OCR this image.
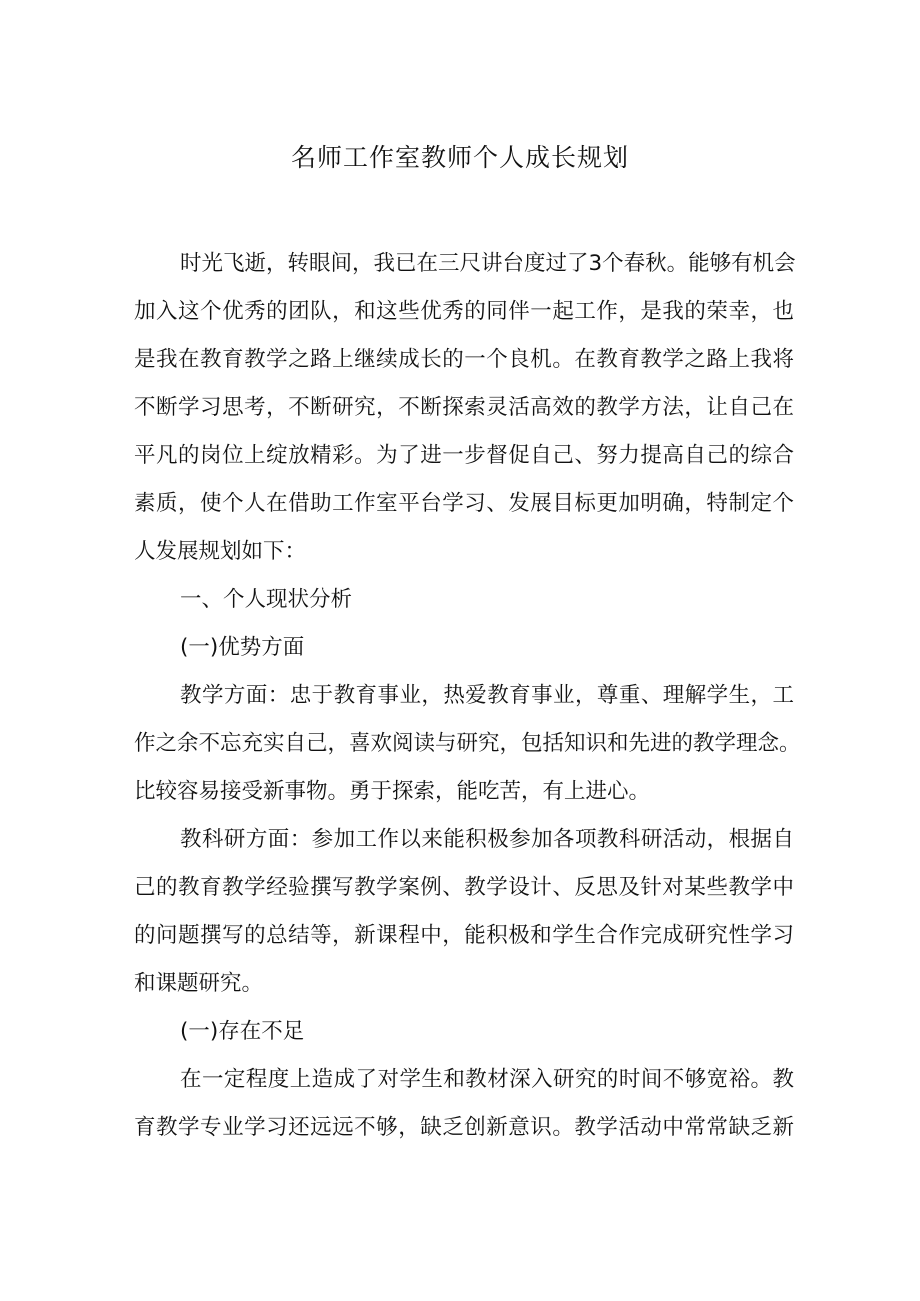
名师工作室教师个人成长规划
时光飞逝，转眼间，我已在三尺讲台度过了3个春秋。能够有机会
加入这个优秀的团队，和这些优秀的同伴一起工作，是我的荣幸，也
是我在教育教学之路上继续成长的一个良机。在教育教学之路上我将
不断学习思考，不断研究，不断探索灵活高效的教学方法，让自己在
平凡的岗位上绽放精彩。为了进一步督促自己、努力提高自己的综合
素质，使个人在借助工作室平台学习、发展目标更加明确，特制定个
人发展规划如下：
一、个人现状分析
(一)优势方面
教学方面：忠于教育事业，热爱教育事业，尊重、理解学生，工
作之余不忘充实自己，喜欢阅读与研究，包括知识和先进的教学理念。
比较容易接受新事物。勇于探索，能吃苦，有上进心。
教科研方面：参加工作以来能积极参加各项教科研活动，根据自
己的教育教学经验撰写教学案例、教学设计、反思及针对某些教学中
的问题撰写的总结等，新课程中，能积极和学生合作完成研究性学习
和课题研究。
(一)存在不足
在一定程度上造成了对学生和教材深入研究的时间不够宽裕。教
育教学专业学习还远远不够，缺乏创新意识。教学活动中常常缺乏新
